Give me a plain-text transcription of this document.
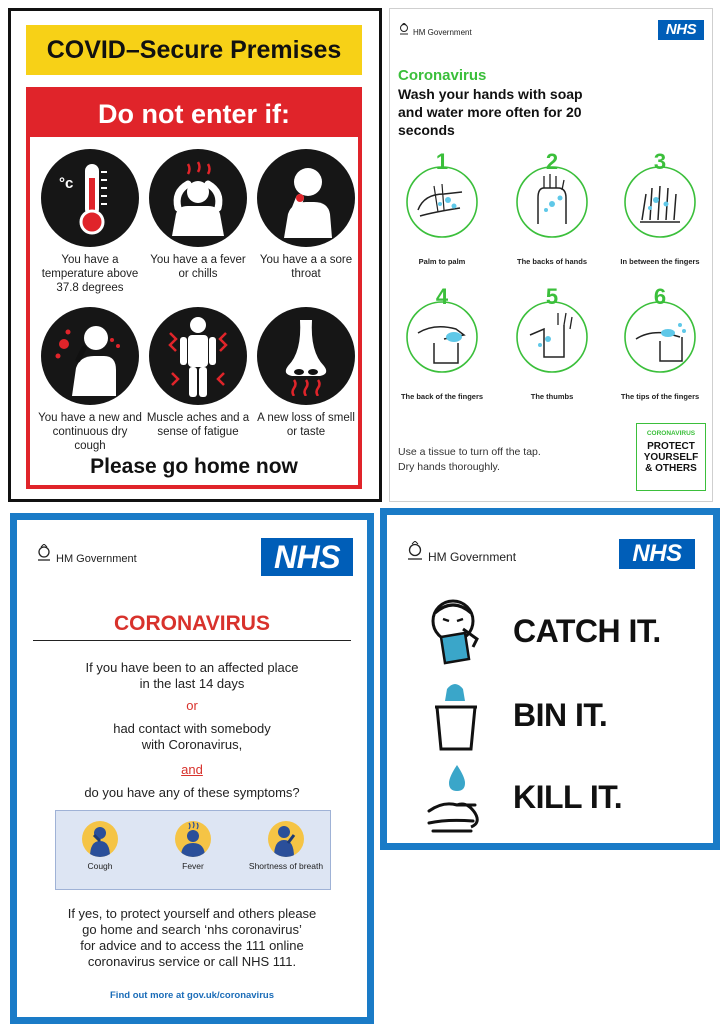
COVID–Secure Premises
Do not enter if:
°c
You have a temperature above 37.8 degrees
You have a a fever or chills
You have a a sore throat
You have a new and continuous dry cough
Muscle aches and a sense of fatigue
A new loss of smell or taste
Please go home now
HM Government	NHS
Coronavirus
Wash your hands with soap and water more often for 20 seconds
1
Palm to palm
2
The backs of hands
3
In between the fingers
4
The back of the fingers
5
The thumbs
6
The tips of the fingers
Use a tissue to turn off the tap.
Dry hands thoroughly.
CORONAVIRUS
PROTECT
YOURSELF
& OTHERS
HM Government	NHS
CORONAVIRUS
If you have been to an affected place
in the last 14 days
or
had contact with somebody
with Coronavirus,
and
do you have any of these symptoms?
Cough	Fever	Shortness of breath
If yes, to protect yourself and others please
go home and search ‘nhs coronavirus’
for advice and to access the 111 online
coronavirus service or call NHS 111.
Find out more at gov.uk/coronavirus
HM Government	NHS
CATCH IT.
BIN IT.
KILL IT.
